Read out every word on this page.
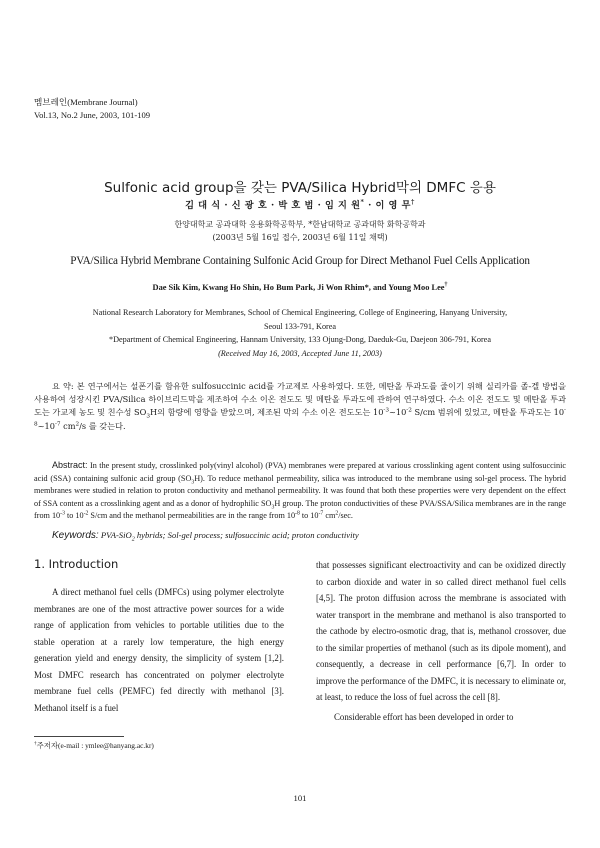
멤브레인(Membrane Journal)
Vol.13, No.2 June, 2003, 101-109
Sulfonic acid group을 갖는 PVA/Silica Hybrid막의 DMFC 응용
김 대 식 · 신 광 호 · 박 호 범 · 임 지 원* · 이 영 무†
한양대학교 공과대학 응용화학공학부, *한남대학교 공과대학 화학공학과
(2003년 5월 16일 접수, 2003년 6월 11일 채택)
PVA/Silica Hybrid Membrane Containing Sulfonic Acid Group for Direct Methanol Fuel Cells Application
Dae Sik Kim, Kwang Ho Shin, Ho Bum Park, Ji Won Rhim*, and Young Moo Lee†
National Research Laboratory for Membranes, School of Chemical Engineering, College of Engineering, Hanyang University,
Seoul 133-791, Korea
*Department of Chemical Engineering, Hannam University, 133 Ojung-Dong, Daeduk-Gu, Daejeon 306-791, Korea
(Received May 16, 2003, Accepted June 11, 2003)
요 약: 본 연구에서는 설폰기를 함유한 sulfosuccinic acid를 가교제로 사용하였다. 또한, 메탄올 투과도를 줄이기 위해 실리카를 졸-겔 방법을 사용하여 성장시킨 PVA/Silica 하이브리드막을 제조하여 수소 이온 전도도 및 메탄올 투과도에 관하여 연구하였다. 수소 이온 전도도 및 메탄올 투과도는 가교제 농도 및 친수성 $SO_3H$의 함량에 영향을 받았으며, 제조된 막의 수소 이온 전도도는 $10^{-3}\sim 10^{-2}$ S/cm 범위에 있었고, 메탄올 투과도는 $10^{-8}\sim 10^{-7}$ $cm^2/s$ 를 갖는다.
Abstract: In the present study, crosslinked poly(vinyl alcohol) (PVA) membranes were prepared at various crosslinking agent content using sulfosuccinic acid (SSA) containing sulfonic acid group $(SO_3H)$. To reduce methanol permeability, silica was introduced to the membrane using sol-gel process. The hybrid membranes were studied in relation to proton conductivity and methanol permeability. It was found that both these properties were very dependent on the effect of SSA content as a crosslinking agent and as a donor of hydrophilic $SO_3H$ group. The proton conductivities of these PVA/SSA/Silica membranes are in the range from $10^{-3}$ to $10^{-2}$ S/cm and the methanol permeabilities are in the range from $10^{-8}$ to $10^{-7}$ $cm^2/\sec$.
Keywords: PVA-SiO$_2$ hybrids; Sol-gel process; sulfosuccinic acid; proton conductivity
1. Introduction
A direct methanol fuel cells (DMFCs) using polymer electrolyte membranes are one of the most attractive power sources for a wide range of application from vehicles to portable utilities due to the stable operation at a rarely low temperature, the high energy generation yield and energy density, the simplicity of system [1,2]. Most DMFC research has concentrated on polymer electrolyte membrane fuel cells (PEMFC) fed directly with methanol [3]. Methanol itself is a fuel
that possesses significant electroactivity and can be oxidized directly to carbon dioxide and water in so called direct methanol fuel cells [4,5]. The proton diffusion across the membrane is associated with water transport in the membrane and methanol is also transported to the cathode by electro-osmotic drag, that is, methanol crossover, due to the similar properties of methanol (such as its dipole moment), and consequently, a decrease in cell performance [6,7]. In order to improve the performance of the DMFC, it is necessary to eliminate or, at least, to reduce the loss of fuel across the cell [8].
Considerable effort has been developed in order to
†주저자(e-mail : ymlee@hanyang.ac.kr)
101
